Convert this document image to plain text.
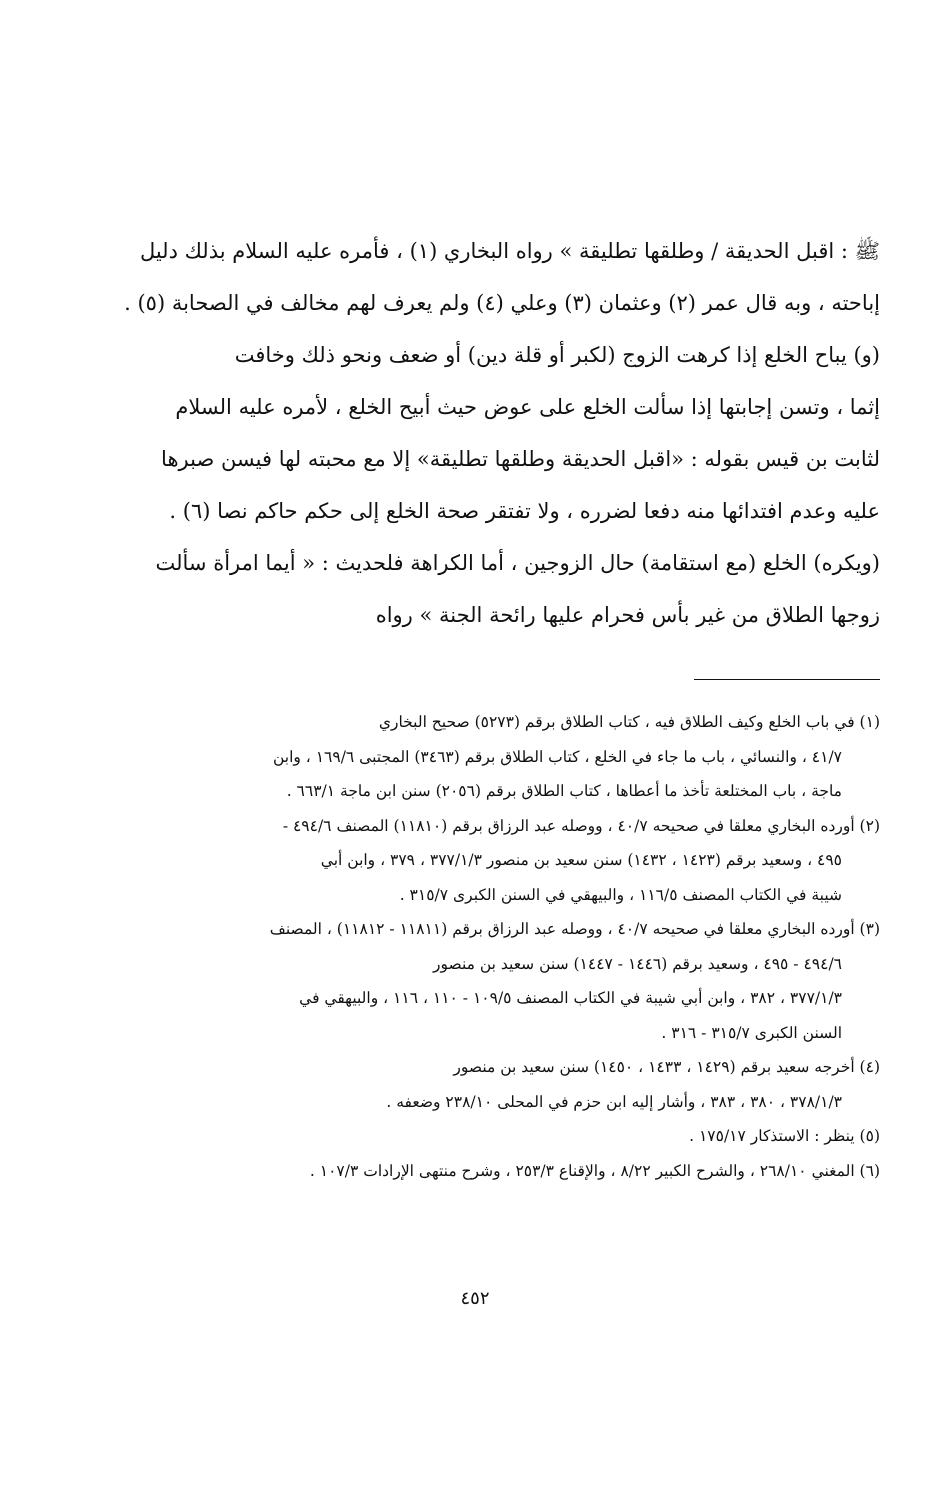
ﷺ : اقبل الحديقة / وطلقها تطليقة » رواه البخاري (١) ، فأمره عليه السلام بذلك دليل
إباحته ، وبه قال عمر (٢) وعثمان (٣) وعلي (٤) ولم يعرف لهم مخالف في الصحابة (٥) .
(و) يباح الخلع إذا كرهت الزوج (لكبر أو قلة دين) أو ضعف ونحو ذلك وخافت
إثما ، وتسن إجابتها إذا سألت الخلع على عوض حيث أبيح الخلع ، لأمره عليه السلام
لثابت بن قيس بقوله : «اقبل الحديقة وطلقها تطليقة» إلا مع محبته لها فيسن صبرها
عليه وعدم افتدائها منه دفعا لضرره ، ولا تفتقر صحة الخلع إلى حكم حاكم نصا (٦) .
(ويكره) الخلع (مع استقامة) حال الزوجين ، أما الكراهة فلحديث : « أيما امرأة سألت
زوجها الطلاق من غير بأس فحرام عليها رائحة الجنة » رواه

(١) في باب الخلع وكيف الطلاق فيه ، كتاب الطلاق برقم (٥٢٧٣) صحيح البخاري
٤١/٧ ، والنسائي ، باب ما جاء في الخلع ، كتاب الطلاق برقم (٣٤٦٣) المجتبى ١٦٩/٦ ، وابن
ماجة ، باب المختلعة تأخذ ما أعطاها ، كتاب الطلاق برقم (٢٠٥٦) سنن ابن ماجة ٦٦٣/١ .
(٢) أورده البخاري معلقا في صحيحه ٤٠/٧ ، ووصله عبد الرزاق برقم (١١٨١٠) المصنف ٤٩٤/٦ -
٤٩٥ ، وسعيد برقم (١٤٢٣ ، ١٤٣٢) سنن سعيد بن منصور ٣٧٧/١/٣ ، ٣٧٩ ، وابن أبي
شيبة في الكتاب المصنف ١١٦/٥ ، والبيهقي في السنن الكبرى ٣١٥/٧ .
(٣) أورده البخاري معلقا في صحيحه ٤٠/٧ ، ووصله عبد الرزاق برقم (١١٨١١ - ١١٨١٢) ، المصنف
٤٩٤/٦ - ٤٩٥ ، وسعيد برقم (١٤٤٦ - ١٤٤٧) سنن سعيد بن منصور
٣٧٧/١/٣ ، ٣٨٢ ، وابن أبي شيبة في الكتاب المصنف ١٠٩/٥ - ١١٠ ، ١١٦ ، والبيهقي في
السنن الكبرى ٣١٥/٧ - ٣١٦ .
(٤) أخرجه سعيد برقم (١٤٢٩ ، ١٤٣٣ ، ١٤٥٠) سنن سعيد بن منصور
٣٧٨/١/٣ ، ٣٨٠ ، ٣٨٣ ، وأشار إليه ابن حزم في المحلى ٢٣٨/١٠ وضعفه .
(٥) ينظر : الاستذكار ١٧٥/١٧ .
(٦) المغني ٢٦٨/١٠ ، والشرح الكبير ٨/٢٢ ، والإقناع ٢٥٣/٣ ، وشرح منتهى الإرادات ١٠٧/٣ .
٤٥٢
